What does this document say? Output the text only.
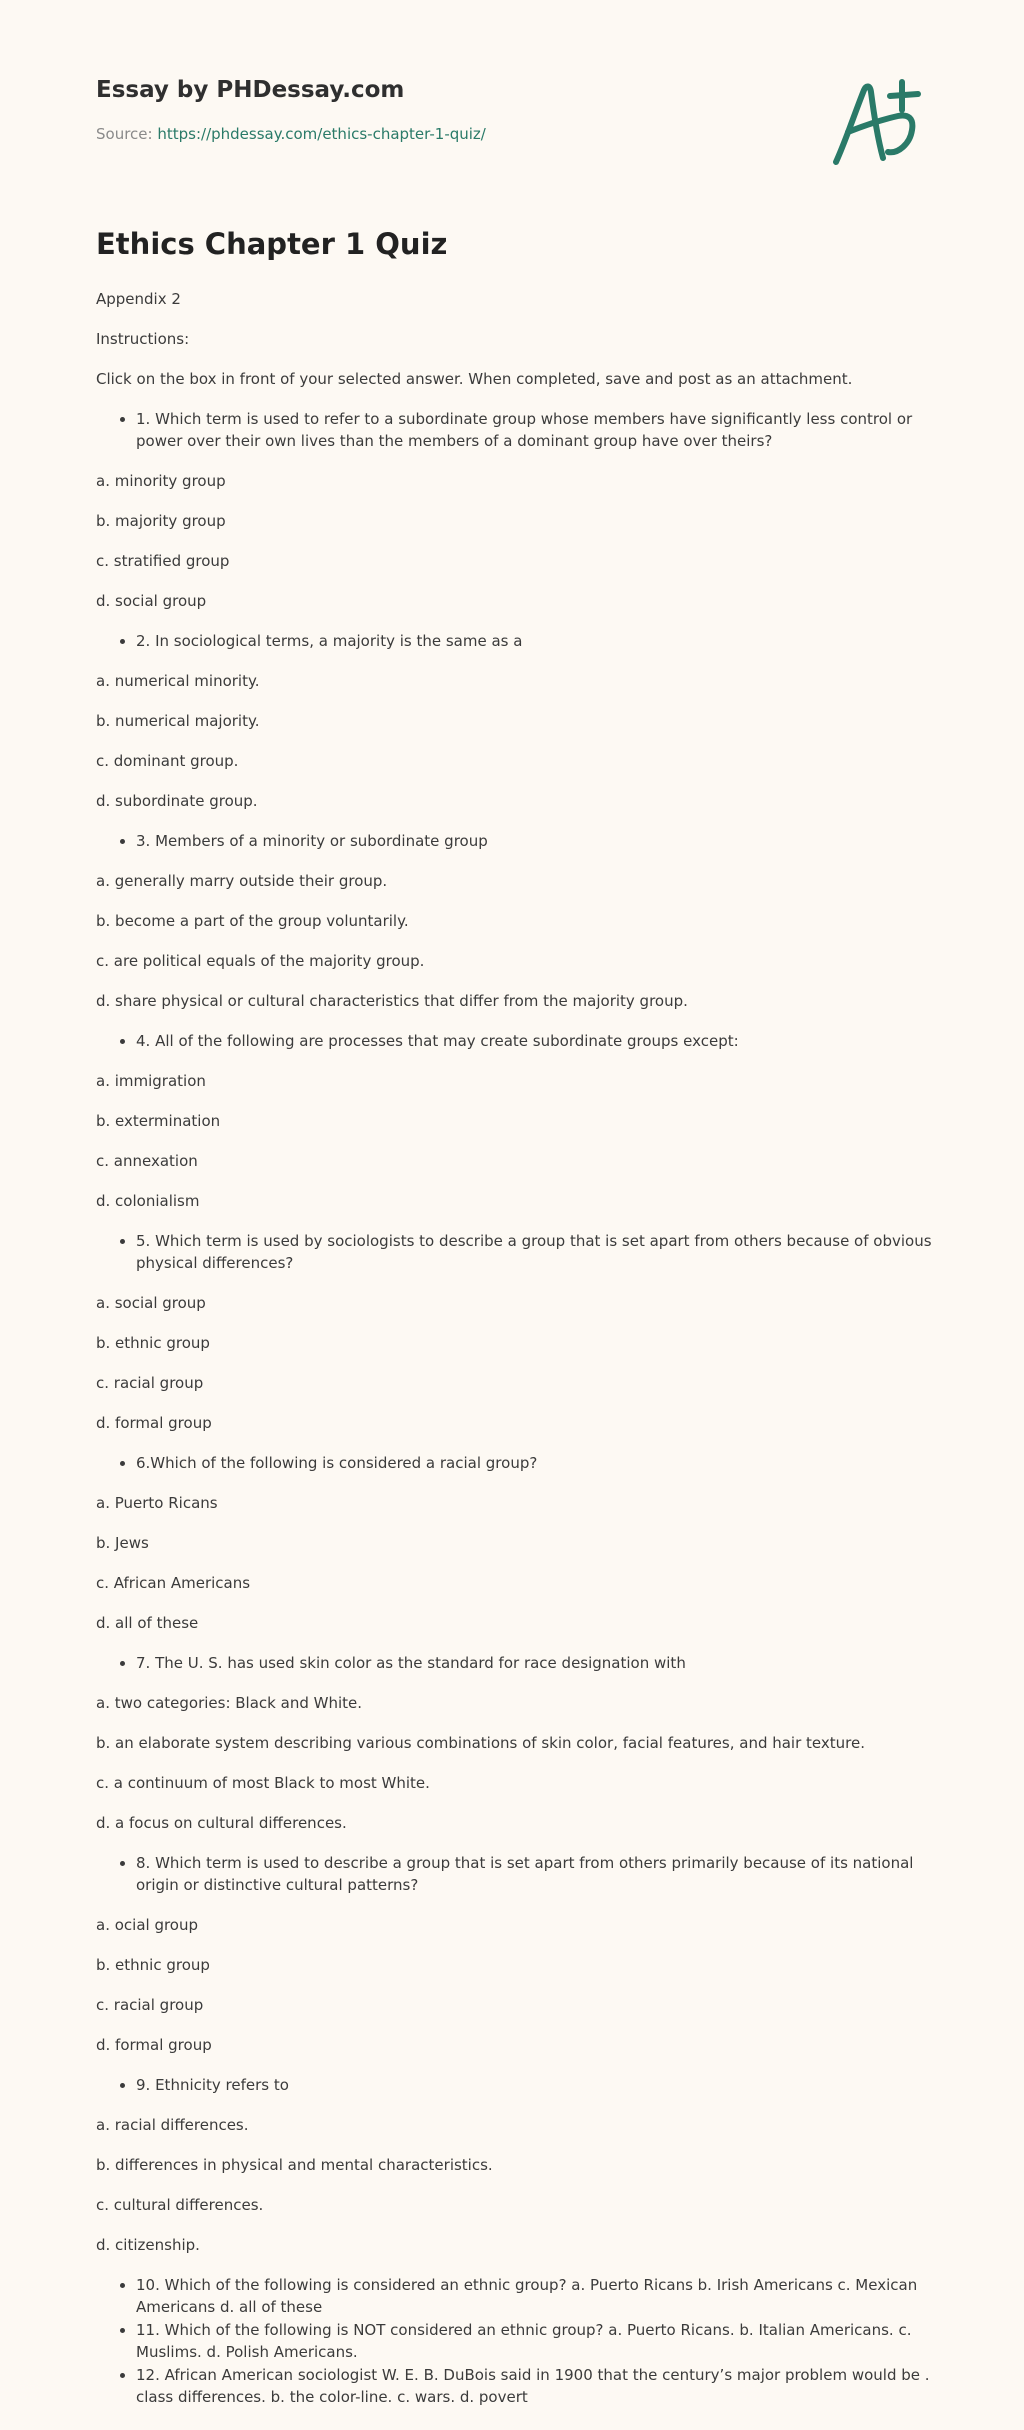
Essay by PHDessay.com
Source: https://phdessay.com/ethics-chapter-1-quiz/
Ethics Chapter 1 Quiz

Appendix 2

Instructions:

Click on the box in front of your selected answer. When completed, save and post as an attachment.

• 1. Which term is used to refer to a subordinate group whose members have significantly less control or power over their own lives than the members of a dominant group have over theirs?

a. minority group

b. majority group

c. stratified group

d. social group

• 2. In sociological terms, a majority is the same as a

a. numerical minority.

b. numerical majority.

c. dominant group.

d. subordinate group.

• 3. Members of a minority or subordinate group

a. generally marry outside their group.

b. become a part of the group voluntarily.

c. are political equals of the majority group.

d. share physical or cultural characteristics that differ from the majority group.

• 4. All of the following are processes that may create subordinate groups except:

a. immigration

b. extermination

c. annexation

d. colonialism

• 5. Which term is used by sociologists to describe a group that is set apart from others because of obvious physical differences?

a. social group

b. ethnic group

c. racial group

d. formal group

• 6.Which of the following is considered a racial group?

a. Puerto Ricans

b. Jews

c. African Americans

d. all of these

• 7. The U. S. has used skin color as the standard for race designation with

a. two categories: Black and White.

b. an elaborate system describing various combinations of skin color, facial features, and hair texture.

c. a continuum of most Black to most White.

d. a focus on cultural differences.

• 8. Which term is used to describe a group that is set apart from others primarily because of its national origin or distinctive cultural patterns?

a. ocial group

b. ethnic group

c. racial group

d. formal group

• 9. Ethnicity refers to

a. racial differences.

b. differences in physical and mental characteristics.

c. cultural differences.

d. citizenship.

• 10. Which of the following is considered an ethnic group? a. Puerto Ricans b. Irish Americans c. Mexican Americans d. all of these
• 11. Which of the following is NOT considered an ethnic group? a. Puerto Ricans. b. Italian Americans. c. Muslims. d. Polish Americans.
• 12. African American sociologist W. E. B. DuBois said in 1900 that the century’s major problem would be . class differences. b. the color-line. c. wars. d. povert
